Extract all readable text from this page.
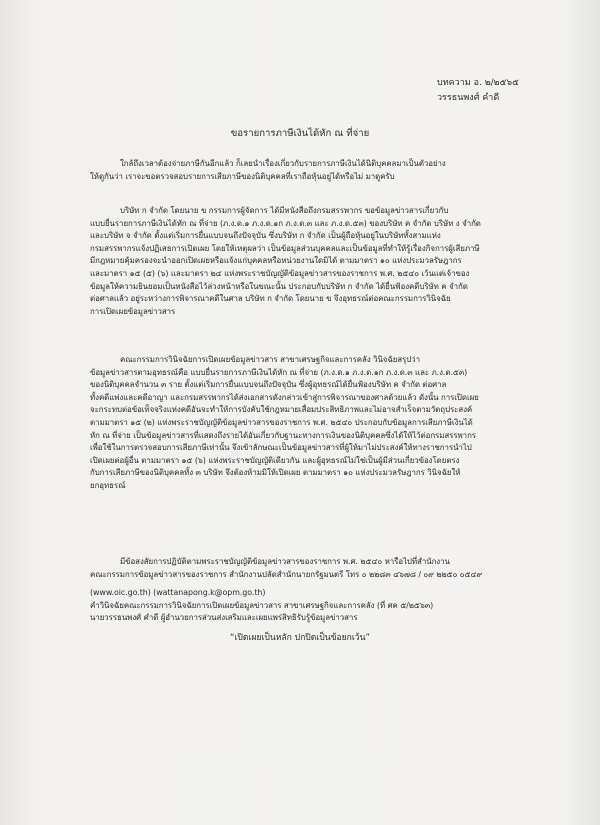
บทความ อ. ๒/๒๕๖๕
วรรธนพงศ์ คำดี
ขอรายการภาษีเงินได้หัก ณ ที่จ่าย
ใกล้ถึงเวลาต้องจ่ายภาษีกันอีกแล้ว ก็เลยนำเรื่องเกี่ยวกับรายการภาษีเงินได้นิติบุคคลมาเป็นตัวอย่าง
ให้ดูกันว่า เราจะขอตรวจสอบรายการเสียภาษีของนิติบุคคลที่เราถือหุ้นอยู่ได้หรือไม่ มาดูครับ
บริษัท ก จำกัด โดยนาย ข กรรมการผู้จัดการ ได้มีหนังสือถึงกรมสรรพากร ขอข้อมูลข่าวสารเกี่ยวกับ
แบบยื่นรายการภาษีเงินได้หัก ณ ที่จ่าย (ภ.ง.ด.๑ ภ.ง.ด.๑ก ภ.ง.ด.๓ และ ภ.ง.ด.๕๓) ของบริษัท ค จำกัด บริษัท ง จำกัด
และบริษัท จ จำกัด ตั้งแต่เริ่มการยื่นแบบจนถึงปัจจุบัน ซึ่งบริษัท ก จำกัด เป็นผู้ถือหุ้นอยู่ในบริษัททั้งสามแห่ง
กรมสรรพากรแจ้งปฏิเสธการเปิดเผย โดยให้เหตุผลว่า เป็นข้อมูลส่วนบุคคลและเป็นข้อมูลที่ทำให้รู้เรื่องกิจการผู้เสียภาษี
มีกฎหมายคุ้มครองจะนำออกเปิดเผยหรือแจ้งแก่บุคคลหรือหน่วยงานใดมิได้ ตามมาตรา ๑๐ แห่งประมวลรัษฎากร
และมาตรา ๑๕ (๕) (๖) และมาตรา ๒๔ แห่งพระราชบัญญัติข้อมูลข่าวสารของราชการ พ.ศ. ๒๕๔๐ เว้นแต่เจ้าของ
ข้อมูลให้ความยินยอมเป็นหนังสือไว้ล่วงหน้าหรือในขณะนั้น ประกอบกับบริษัท ก จำกัด ได้ยื่นฟ้องคดีบริษัท ค จำกัด
ต่อศาลแล้ว อยู่ระหว่างการพิจารณาคดีในศาล บริษัท ก จำกัด โดยนาย ข จึงอุทธรณ์ต่อคณะกรรมการวินิจฉัย
การเปิดเผยข้อมูลข่าวสาร
คณะกรรมการวินิจฉัยการเปิดเผยข้อมูลข่าวสาร สาขาเศรษฐกิจและการคลัง วินิจฉัยสรุปว่า
ข้อมูลข่าวสารตามอุทธรณ์คือ แบบยื่นรายการภาษีเงินได้หัก ณ ที่จ่าย (ภ.ง.ด.๑ ภ.ง.ด.๑ก ภ.ง.ด.๓ และ ภ.ง.ด.๕๓)
ของนิติบุคคลจำนวน ๓ ราย ตั้งแต่เริ่มการยื่นแบบจนถึงปัจจุบัน ซึ่งผู้อุทธรณ์ได้ยื่นฟ้องบริษัท ค จำกัด ต่อศาล
ทั้งคดีแพ่งและคดีอาญา และกรมสรรพากรได้ส่งเอกสารดังกล่าวเข้าสู่การพิจารณาของศาลด้วยแล้ว ดังนั้น การเปิดเผย
จะกระทบต่อข้อเท็จจริงแห่งคดีอันจะทำให้การบังคับใช้กฎหมายเสื่อมประสิทธิภาพและไม่อาจสำเร็จตามวัตถุประสงค์
ตามมาตรา ๑๕ (๒) แห่งพระราชบัญญัติข้อมูลข่าวสารของราชการ พ.ศ. ๒๕๔๐ ประกอบกับข้อมูลการเสียภาษีเงินได้
หัก ณ ที่จ่าย เป็นข้อมูลข่าวสารที่แสดงถึงรายได้อันเกี่ยวกับฐานะทางการเงินของนิติบุคคลซึ่งได้ให้ไว้ต่อกรมสรรพากร
เพื่อใช้ในการตรวจสอบการเสียภาษีเท่านั้น จึงเข้าลักษณะเป็นข้อมูลข่าวสารที่ผู้ให้มาไม่ประสงค์ให้ทางราชการนำไป
เปิดเผยต่อผู้อื่น ตามมาตรา ๑๕ (๖) แห่งพระราชบัญญัติเดียวกัน และผู้อุทธรณ์ไม่ใช่เป็นผู้มีส่วนเกี่ยวข้องโดยตรง
กับการเสียภาษีของนิติบุคคลทั้ง ๓ บริษัท จึงต้องห้ามมิให้เปิดเผย ตามมาตรา ๑๐ แห่งประมวลรัษฎากร วินิจฉัยให้
ยกอุทธรณ์
มีข้อสงสัยการปฏิบัติตามพระราชบัญญัติข้อมูลข่าวสารของราชการ พ.ศ. ๒๕๔๐ หารือไปที่สำนักงาน
คณะกรรมการข้อมูลข่าวสารของราชการ สำนักงานปลัดสำนักนายกรัฐมนตรี โทร ๐ ๒๒๘๓ ๔๖๗๘ / ๐๙ ๒๒๕๐ ๐๕๔๙
(www.oic.go.th) (wattanapong.k@opm.go.th)
คำวินิจฉัยคณะกรรมการวินิจฉัยการเปิดเผยข้อมูลข่าวสาร สาขาเศรษฐกิจและการคลัง (ที่ ศค ๕/๒๕๖๓)
นายวรรธนพงศ์ คำดี ผู้อำนวยการส่วนส่งเสริมและเผยแพร่สิทธิรับรู้ข้อมูลข่าวสาร
“เปิดเผยเป็นหลัก ปกปิดเป็นข้อยกเว้น”
